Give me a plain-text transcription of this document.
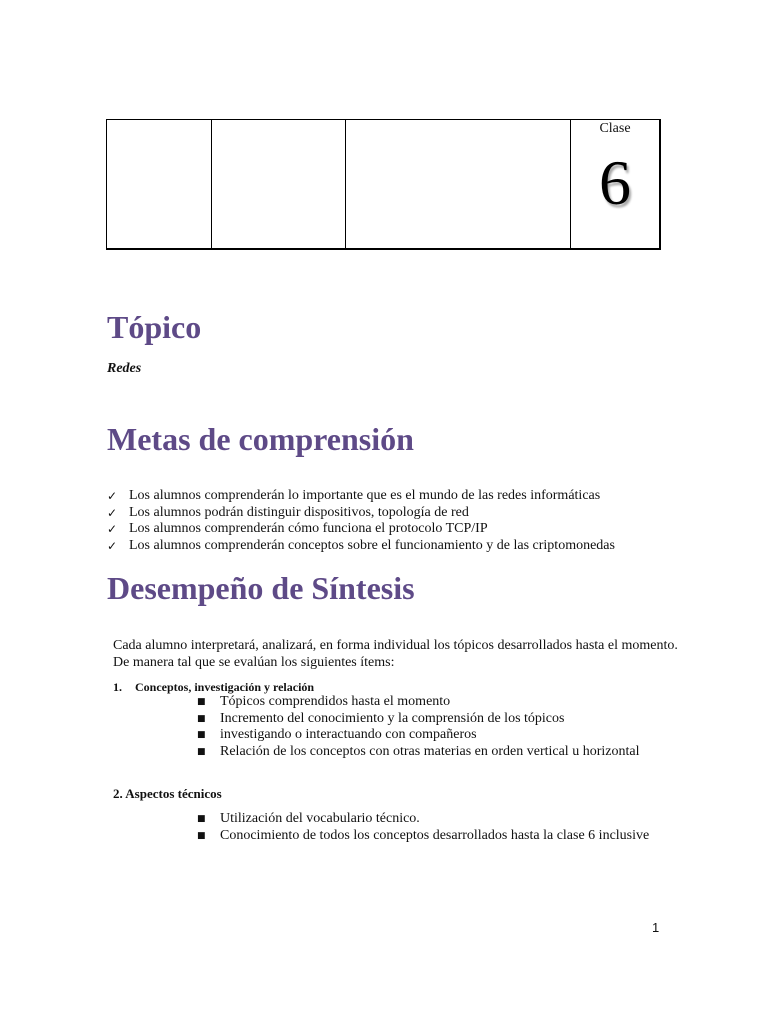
Clase
6
Tópico
Redes
Metas de comprensión
✓ Los alumnos comprenderán lo importante que es el mundo de las redes informáticas
✓ Los alumnos podrán distinguir dispositivos, topología de red
✓ Los alumnos comprenderán cómo funciona el protocolo TCP/IP
✓ Los alumnos comprenderán conceptos sobre el funcionamiento y de las criptomonedas
Desempeño de Síntesis

Cada alumno interpretará, analizará, en forma individual los tópicos desarrollados hasta el momento.

De manera tal que se evalúan los siguientes ítems:

1. Conceptos, investigación y relación
■	Tópicos comprendidos hasta el momento
■	Incremento del conocimiento y la comprensión de los tópicos
■	investigando o interactuando con compañeros
■	Relación de los conceptos con otras materias en orden vertical u horizontal
2. Aspectos técnicos
■	Utilización del vocabulario técnico.
■	Conocimiento de todos los conceptos desarrollados hasta la clase 6 inclusive
1
